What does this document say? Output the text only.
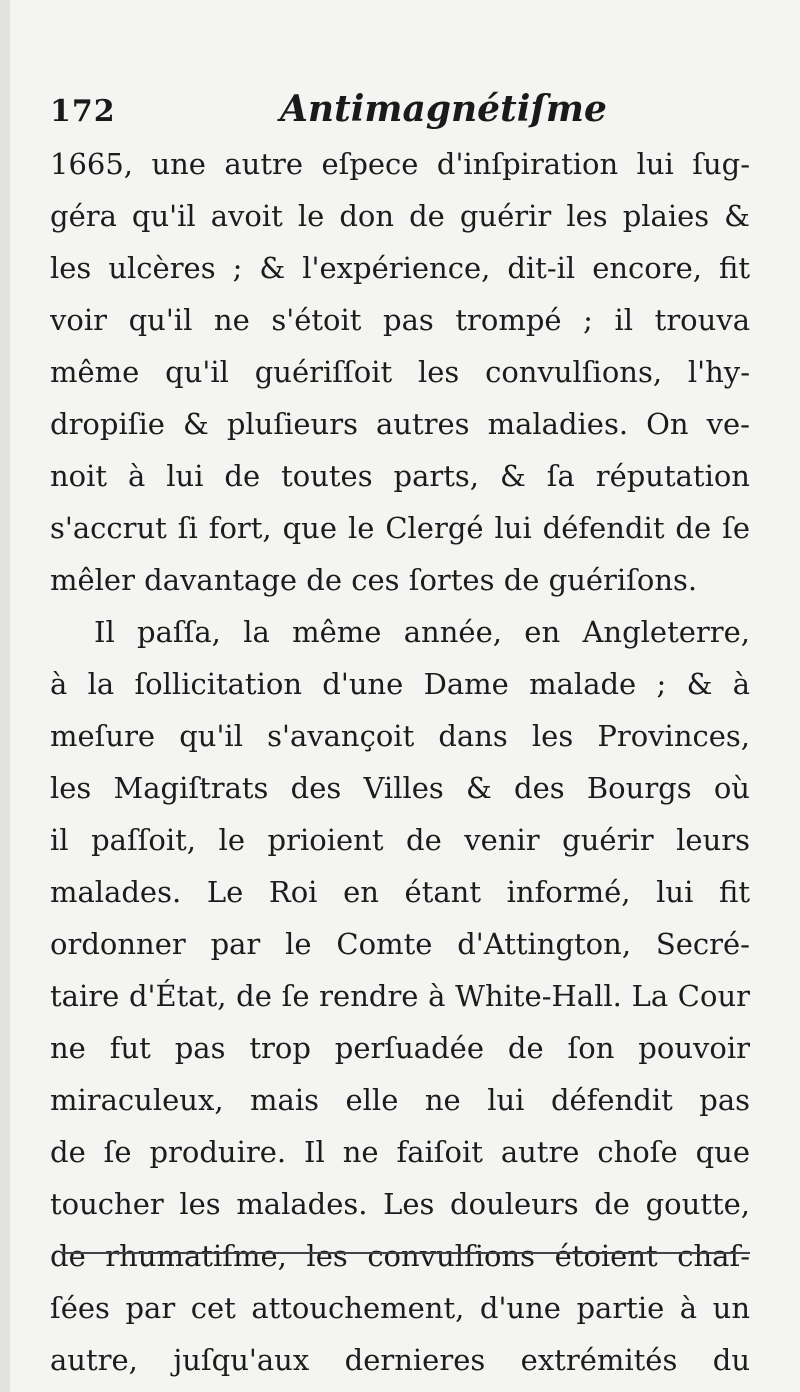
172	Antimagnétiſme
1665, une autre eſpece d'inſpiration lui ſug-
géra qu'il avoit le don de guérir les plaies &
les ulcères ; & l'expérience, dit-il encore, fit
voir qu'il ne s'étoit pas trompé ; il trouva
même qu'il guériſſoit les convulſions, l'hy-
dropiſie & pluſieurs autres maladies. On ve-
noit à lui de toutes parts, & ſa réputation
s'accrut ſi fort, que le Clergé lui défendit de ſe
mêler davantage de ces ſortes de guériſons.
Il paſſa, la même année, en Angleterre,
à la ſollicitation d'une Dame malade ; & à
meſure qu'il s'avançoit dans les Provinces,
les Magiſtrats des Villes & des Bourgs où
il paſſoit, le prioient de venir guérir leurs
malades. Le Roi en étant informé, lui fit
ordonner par le Comte d'Attington, Secré-
taire d'État, de ſe rendre à White-Hall. La Cour
ne fut pas trop perſuadée de ſon pouvoir
miraculeux, mais elle ne lui défendit pas
de ſe produire. Il ne faiſoit autre choſe que
toucher les malades. Les douleurs de goutte,
de rhumatiſme, les convulſions étoient chaſ-
ſées par cet attouchement, d'une partie à un
autre, juſqu'aux dernieres extrémités du
